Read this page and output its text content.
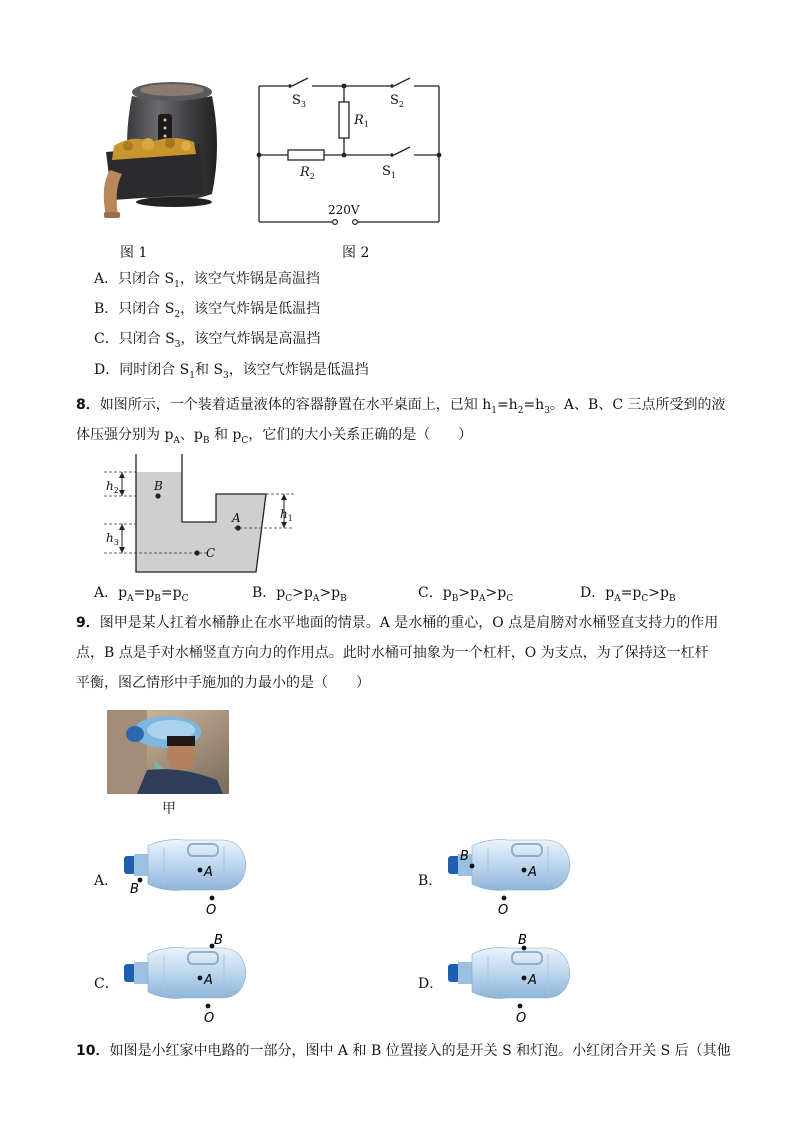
图 1
$S_3$	$S_2$
$S_1$
$R_1$
$R_2$
220V
图 2
A．只闭合 $S_1$，该空气炸锅是高温挡
B．只闭合 $S_2$，该空气炸锅是低温挡
C．只闭合 $S_3$，该空气炸锅是高温挡
D．同时闭合 $S_1$和 $S_3$，该空气炸锅是低温挡
8．如图所示，一个装着适量液体的容器静置在水平桌面上，已知 $h_1=h_2=h_3$。A、B、C 三点所受到的液
体压强分别为 $p_A$、$p_B$ 和 $p_C$，它们的大小关系正确的是（　　）
B
A
C
$h_2$
$h_3$
$h_1$
A．$p_A=p_B=p_C$	B．$p_C>p_A>p_B$	C．$p_B>p_A>p_C$	D．$p_A=p_C>p_B$
9．图甲是某人扛着水桶静止在水平地面的情景。A 是水桶的重心，O 点是肩膀对水桶竖直支持力的作用
点，B 点是手对水桶竖直方向力的作用点。此时水桶可抽象为一个杠杆，O 为支点，为了保持这一杠杆
平衡，图乙情形中手施加的力最小的是（　　）
甲
A．
B
A
O
B．
B
A
O
C．
B
A
O
D．
B
A
O
10．如图是小红家中电路的一部分，图中 A 和 B 位置接入的是开关 S 和灯泡。小红闭合开关 S 后（其他
